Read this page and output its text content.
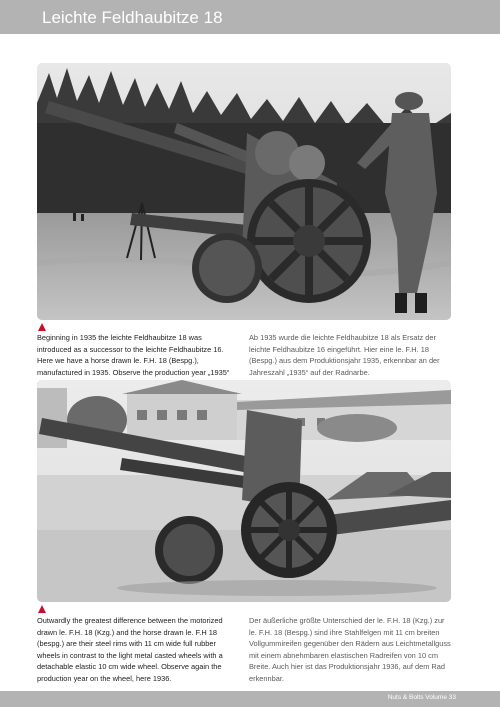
Leichte Feldhaubitze 18
Beginning in 1935 the leichte Feldhaubitze 18 was introduced as a successor to the leichte Feldhaubitze 16. Here we have a horse drawn le. F.H. 18 (Bespg.), manufactured in 1935. Observe the production year „1935“
Ab 1935 wurde die leichte Feldhaubitze 18 als Ersatz der leichte Feldhaubitze 16 eingeführt. Hier eine le. F.H. 18 (Bespg.) aus dem Produktionsjahr 1935, erkennbar an der Jahreszahl „1935“ auf der Radnarbe.
Outwardly the greatest difference between the motorized drawn le. F.H. 18 (Kzg.) and the horse drawn le. F.H 18 (bespg.) are their steel rims with 11 cm wide full rubber wheels in contrast to the light metal casted wheels with a detachable elastic 10 cm wide wheel. Observe again the production year on the wheel, here 1936.
Der äußerliche größte Unterschied der le. F.H. 18 (Kzg.) zur le. F.H. 18 (Bespg.) sind ihre Stahlfelgen mit 11 cm breiten Vollgummireifen gegenüber den Rädern aus Leichtmetallguss mit einem abnehmbaren elastischen Radreifen von 10 cm Breite. Auch hier ist das Produktionsjahr 1936, auf dem Rad erkennbar.
Nuts & Bolts Volume 33
